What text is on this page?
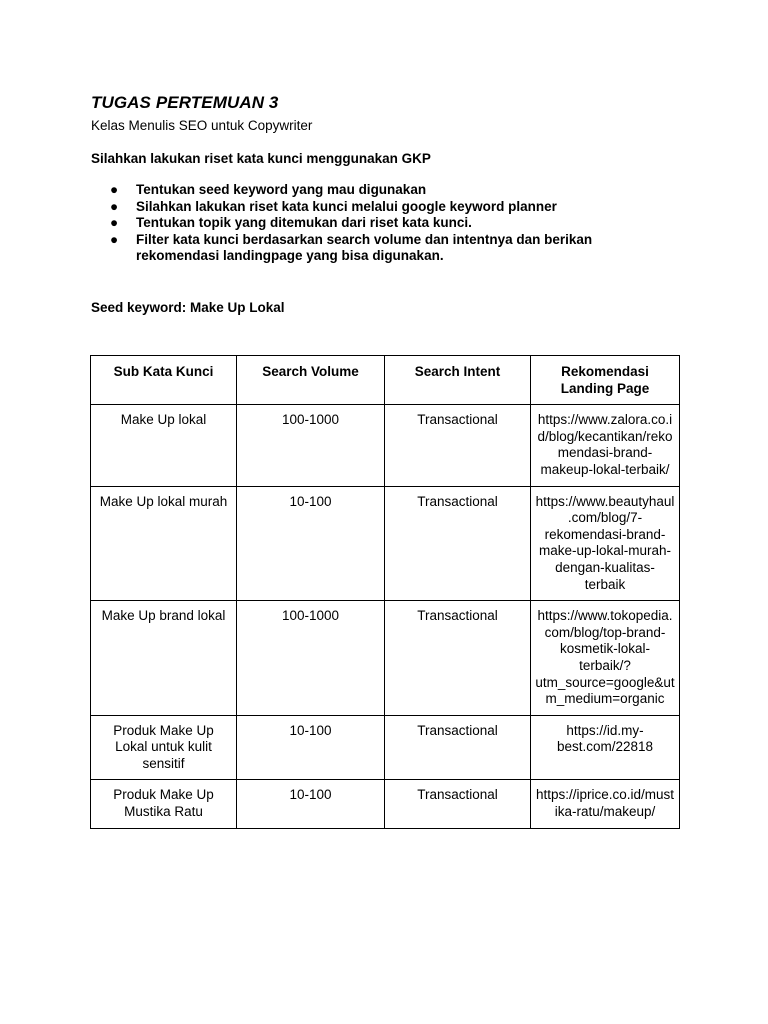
TUGAS PERTEMUAN 3
Kelas Menulis SEO untuk Copywriter
Silahkan lakukan riset kata kunci menggunakan GKP
● Tentukan seed keyword yang mau digunakan
● Silahkan lakukan riset kata kunci melalui google keyword planner
● Tentukan topik yang ditemukan dari riset kata kunci.
● Filter kata kunci berdasarkan search volume dan intentnya dan berikan rekomendasi landingpage yang bisa digunakan.
Seed keyword: Make Up Lokal
Sub Kata Kunci	Search Volume	Search Intent	Rekomendasi Landing Page
Make Up lokal	100-1000	Transactional	https://www.zalora.co.id/blog/kecantikan/rekomendasi-brand-makeup-lokal-terbaik/
Make Up lokal murah	10-100	Transactional	https://www.beautyhaul.com/blog/7-rekomendasi-brand-make-up-lokal-murah-dengan-kualitas-terbaik
Make Up brand lokal	100-1000	Transactional	https://www.tokopedia.com/blog/top-brand-kosmetik-lokal-terbaik/?utm_source=google&utm_medium=organic
Produk Make Up Lokal untuk kulit sensitif	10-100	Transactional	https://id.my-best.com/22818
Produk Make Up Mustika Ratu	10-100	Transactional	https://iprice.co.id/mustika-ratu/makeup/
